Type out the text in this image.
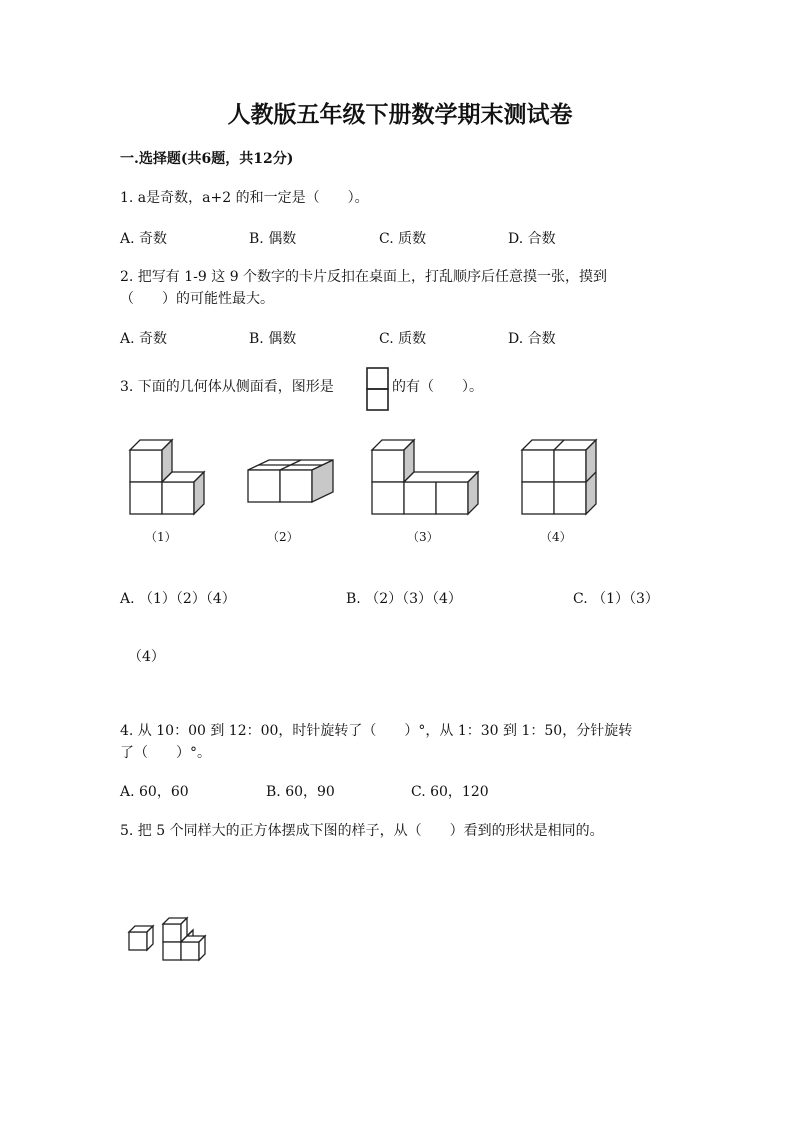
人教版五年级下册数学期末测试卷
一.选择题(共6题，共12分)
1. a是奇数，a+2 的和一定是（　　）。
A. 奇数	B. 偶数	C. 质数	D. 合数
2. 把写有 1-9 这 9 个数字的卡片反扣在桌面上，打乱顺序后任意摸一张，摸到
（　　）的可能性最大。
A. 奇数	B. 偶数	C. 质数	D. 合数
3. 下面的几何体从侧面看，图形是	的有（　　）。
（1）	（2）	（3）	（4）
A. （1）（2）（4）	B. （2）（3）（4）	C. （1）（3）
（4）
4. 从 10：00 到 12：00，时针旋转了（　　）°，从 1：30 到 1：50，分针旋转
了（　　）°。
A. 60，60	B. 60，90	C. 60，120
5. 把 5 个同样大的正方体摆成下图的样子，从（　　）看到的形状是相同的。
